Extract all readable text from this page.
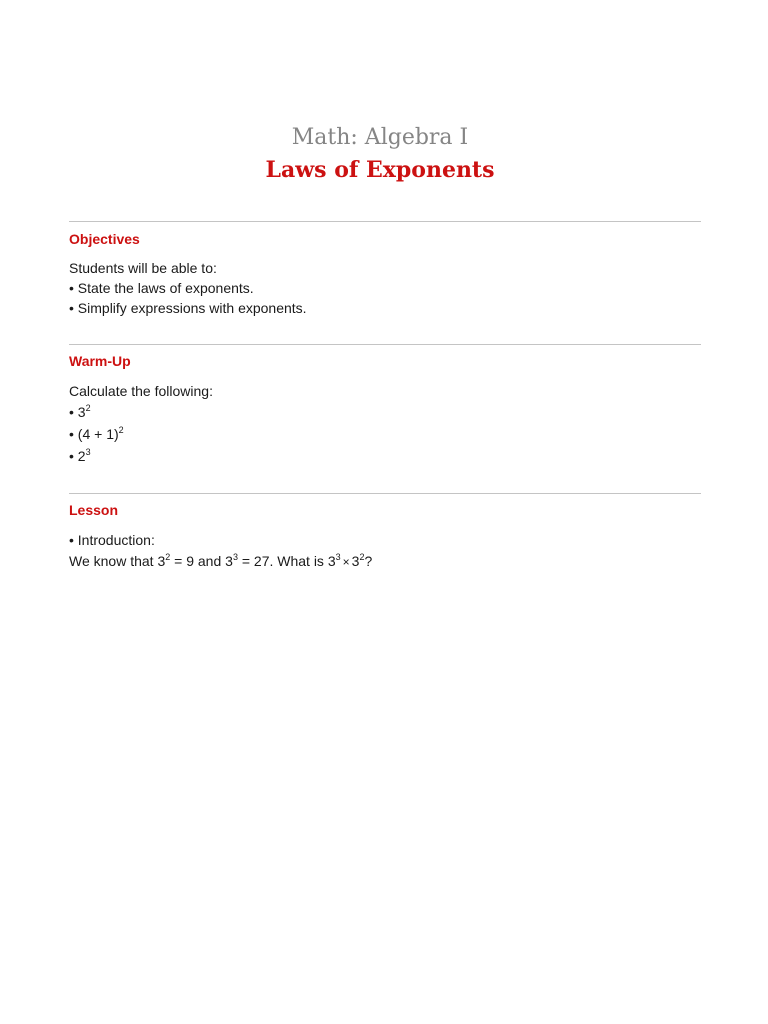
Math: Algebra I
Laws of Exponents
Objectives
Students will be able to:
• State the laws of exponents.
• Simplify expressions with exponents.
Warm-Up
Calculate the following:
• $3^2$
• $(4 + 1)^2$
• $2^3$
Lesson
• Introduction:
We know that $3^2 = 9$ and $3^3 = 27$. What is $3^3 \times 3^2$?
